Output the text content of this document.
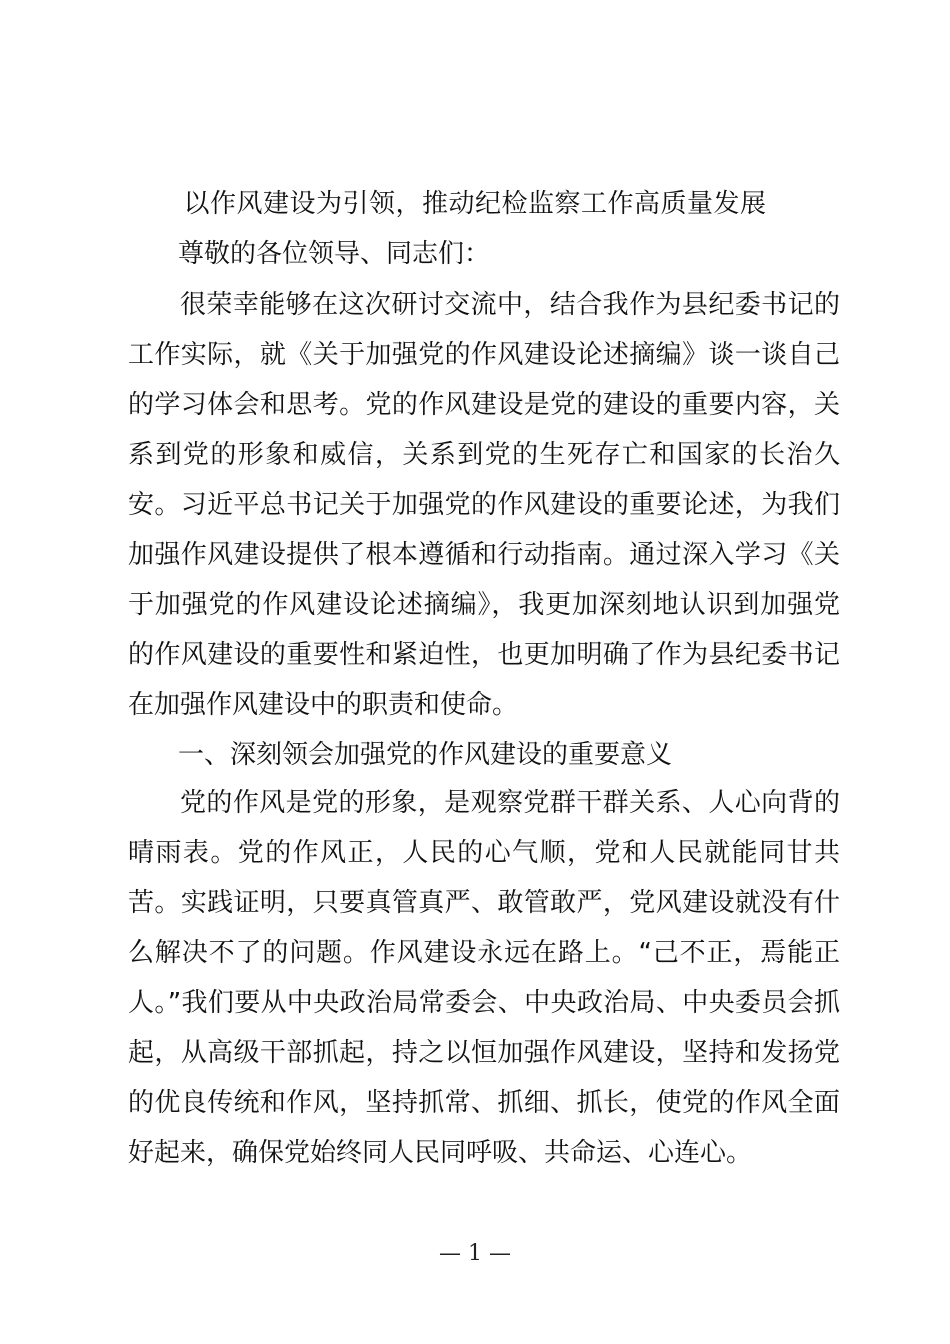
以作风建设为引领，推动纪检监察工作高质量发展
尊敬的各位领导、同志们：

很荣幸能够在这次研讨交流中，结合我作为县纪委书记的工作实际，就《关于加强党的作风建设论述摘编》谈一谈自己的学习体会和思考。党的作风建设是党的建设的重要内容，关系到党的形象和威信，关系到党的生死存亡和国家的长治久安。习近平总书记关于加强党的作风建设的重要论述，为我们加强作风建设提供了根本遵循和行动指南。通过深入学习《关于加强党的作风建设论述摘编》，我更加深刻地认识到加强党的作风建设的重要性和紧迫性，也更加明确了作为县纪委书记在加强作风建设中的职责和使命。

一、深刻领会加强党的作风建设的重要意义

党的作风是党的形象，是观察党群干群关系、人心向背的晴雨表。党的作风正，人民的心气顺，党和人民就能同甘共苦。实践证明，只要真管真严、敢管敢严，党风建设就没有什么解决不了的问题。作风建设永远在路上。“己不正，焉能正人。”我们要从中央政治局常委会、中央政治局、中央委员会抓起，从高级干部抓起，持之以恒加强作风建设，坚持和发扬党的优良传统和作风，坚持抓常、抓细、抓长，使党的作风全面好起来，确保党始终同人民同呼吸、共命运、心连心。

— 1 —
